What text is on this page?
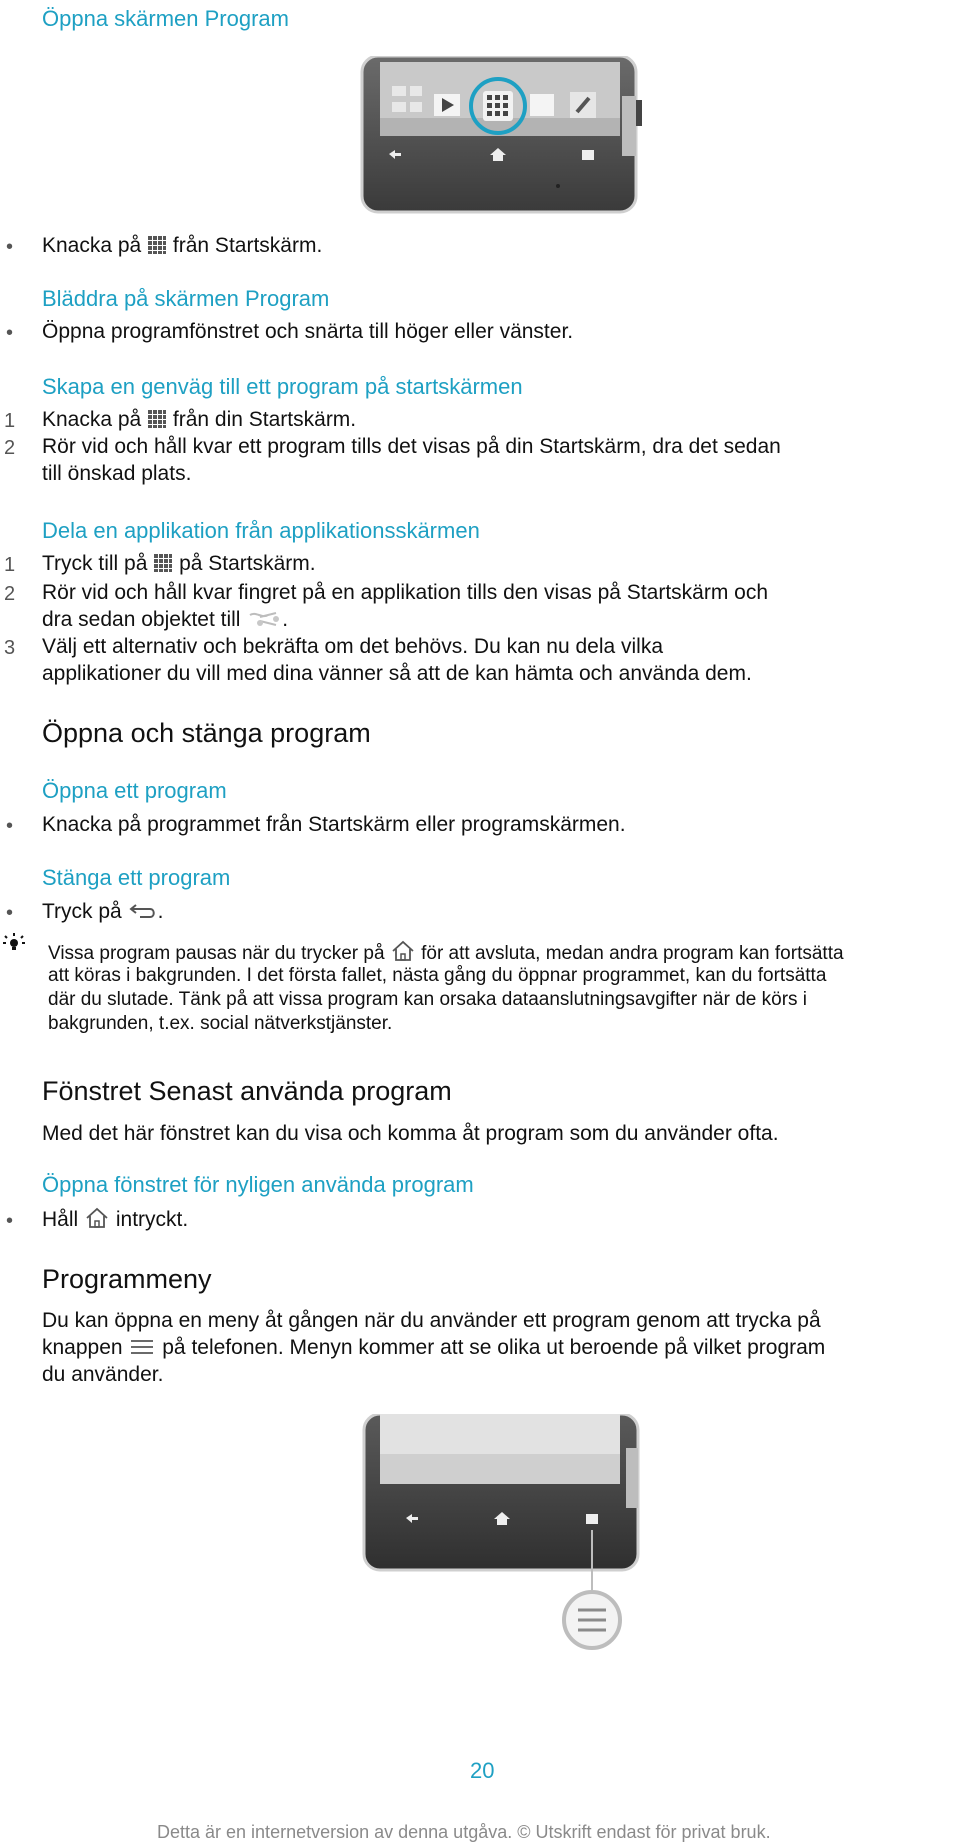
Öppna skärmen Program
• Knacka på  från Startskärm.
Bläddra på skärmen Program
• Öppna programfönstret och snärta till höger eller vänster.
Skapa en genväg till ett program på startskärmen
1 Knacka på  från din Startskärm.
2 Rör vid och håll kvar ett program tills det visas på din Startskärm, dra det sedan
till önskad plats.
Dela en applikation från applikationsskärmen
1 Tryck till på  på Startskärm.
2 Rör vid och håll kvar fingret på en applikation tills den visas på Startskärm och
dra sedan objektet till .
3 Välj ett alternativ och bekräfta om det behövs. Du kan nu dela vilka
applikationer du vill med dina vänner så att de kan hämta och använda dem.
Öppna och stänga program
Öppna ett program
• Knacka på programmet från Startskärm eller programskärmen.
Stänga ett program
• Tryck på .
Vissa program pausas när du trycker på  för att avsluta, medan andra program kan fortsätta
att köras i bakgrunden. I det första fallet, nästa gång du öppnar programmet, kan du fortsätta
där du slutade. Tänk på att vissa program kan orsaka dataanslutningsavgifter när de körs i
bakgrunden, t.ex. social nätverkstjänster.
Fönstret Senast använda program
Med det här fönstret kan du visa och komma åt program som du använder ofta.
Öppna fönstret för nyligen använda program
• Håll  intryckt.
Programmeny
Du kan öppna en meny åt gången när du använder ett program genom att trycka på
knappen  på telefonen. Menyn kommer att se olika ut beroende på vilket program
du använder.
20
Detta är en internetversion av denna utgåva. © Utskrift endast för privat bruk.
